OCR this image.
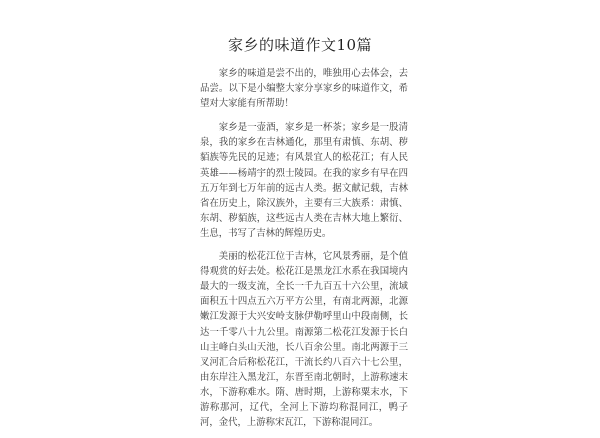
家乡的味道作文10篇

家乡的味道是尝不出的，唯独用心去体会，去品尝。以下是小编整大家分享家乡的味道作文，希望对大家能有所帮助！

家乡是一壶酒，家乡是一杯茶；家乡是一股清泉，我的家乡在吉林通化，那里有肃慎、东胡、秽貊族等先民的足迹；有风景宜人的松花江；有人民英雄——杨靖宇的烈士陵园。在我的家乡有早在四五万年到七万年前的远古人类。据文献记载，吉林省在历史上，除汉族外，主要有三大族系：肃慎、东胡、秽貊族，这些远古人类在吉林大地上繁衍、生息，书写了吉林的辉煌历史。

美丽的松花江位于吉林，它风景秀丽，是个值得观赏的好去处。松花江是黑龙江水系在我国境内最大的一级支流，全长一千九百五十六公里，流域面积五十四点五六万平方公里，有南北两源，北源嫩江发源于大兴安岭支脉伊勒呼里山中段南侧，长达一千零八十九公里。南源第二松花江发源于长白山主峰白头山天池，长八百余公里。南北两源于三叉河汇合后称松花江，干流长约八百六十七公里，由东岸注入黑龙江，东晋至南北朝时，上游称速末水，下游称难水。隋、唐时期，上游称粟末水，下游称那河，辽代，全河上下游均称混同江，鸭子河，金代，上游称宋瓦江，下游称混同江。
